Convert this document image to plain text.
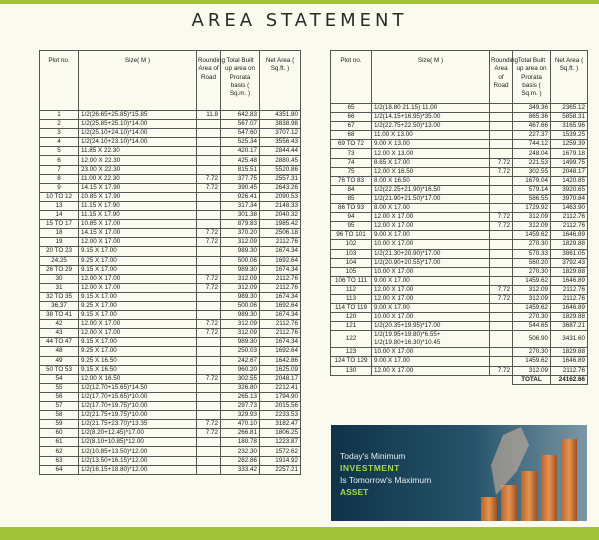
AREA STATEMENT
Plot no.	Size( M )	Rounding Area of Road	Total Built up area on Prorata basis ( Sq.m. )	Net Area ( Sq.ft. )
1	1/2(26.65+25.85)*15.85	11.8	642.83	4351.80
2	1/2(25.85+25.10)*14.00		567.07	3838.98
3	1/2(25.10+24.10)*14.00		547.60	3707.12
4	1/2(24.10+23.10)*14.00		525.34	3556.43
5	11.85 X 22.30		420.17	2844.44
6	12.00 X 22.30		425.48	2880.45
7	23.00 X 22.30		815.51	5520.86
8	11.00 X 22.30	7.72	377.75	2557.31
9	14.15 X 17.90	7.72	390.45	2643.26
10 TO 12	10.85 X 17.90		926.41	2090.53
13	11.15 X 17.90		317.34	2148.33
14	11.15 X 17.90		301.38	2040.32
15 TO 17	10.85 X 17.00		879.83	1985.42
18	14.15 X 17.00	7.72	370.20	2506.18
19	12.00 X 17.00	7.72	312.09	2112.76
20 TO 23	9.15 X 17.00		989.30	1674.34
24,25	9.25 X 17.00		500.06	1692.64
26 TO 29	9.15 X 17.00		989.30	1674.34
30	12.00 X 17.00	7.72	312.09	2112.76
31	12.00 X 17.00	7.72	312.09	2112.76
32 TO 35	9.15 X 17.00		989.30	1674.34
36,37	9.25 X 17.00		500.06	1692.64
38 TO 41	9.15 X 17.00		989.30	1674.34
42	12.00 X 17.00	7.72	312.09	2112.76
43	12.00 X 17.00	7.72	312.09	2112.76
44 TO 47	9.15 X 17.00		989.30	1674.34
48	9.25 X 17.00		250.03	1692.64
49	9.25 X 16.50		242.67	1642.86
50 TO 53	9.15 X 16.50		960.20	1625.09
54	12.00 X 16.50	7.72	302.55	2048.17
55	1/2(12.70+15.65)*14.50		326.80	2212.41
56	1/2(17.70+15.65)*10.00		265.13	1794.90
57	1/2(17.70+19.75)*10.00		297.73	2015.56
58	1/2(21.75+19.75)*10.00		329.93	2233.53
59	1/2(21.75+23.70)*13.35	7.72	470.10	3182.47
60	1/2(8.20+12.45)*17.00	7.72	266.81	1806.25
61	1/2(8.10+10.85)*12.00		180.78	1223.87
62	1/2(10.85+13.50)*12.00		232.30	1572.62
63	1/2(13.50+16.15)*12.00		282.86	1914.92
64	1/2(16.15+18.80)*12.00		333.42	2257.21
Plot no.	Size( M )	Rounding Area of Road	Total Built up area on Prorata basis ( Sq.m. )	Net Area ( Sq.ft. )
65	1/2(18.80 21.15) 11.00		349.36	2365.12
66	1/2(14.15+16.95)*35.00		865.36	5858.31
67	1/2(22.75+22.50)*13.00		467.66	3165.96
68	11.00 X 13.00		227.37	1539.25
69 TO 72	9.00 X 13.00		744.12	1259.39
73	12.00 X 13.00		248.04	1679.18
74	8.65 X 17.00	7.72	221.53	1499.75
75	12.00 X 16.50	7.72	302.55	2048.17
76 TO 83	8.00 X 16.50		1679.04	1420.85
84	1/2(22.25+21.90)*16.50		579.14	3920.65
85	1/2(21.90+21.50)*17.00		586.55	3970.84
86 TO 93	8.00 X 17.00		1729.92	1463.90
94	12.00 X 17.00	7.72	312.09	2112.76
95	12.00 X 17.00	7.72	312.09	2112.76
96 TO 101	9.00 X 17.00		1459.62	1646.89
102	10.00 X 17.00		270.30	1829.88
103	1/2(21.30+20.90)*17.00		570.33	3861.05
104	1/2(20.90+20.55)*17.00		560.20	3792.43
105	10.00 X 17.00		270.30	1829.88
106 TO 111	9.00 X 17.00		1459.62	1646.89
112	12.00 X 17.00	7.72	312.09	2112.76
113	12.00 X 17.00	7.72	312.09	2112.76
114 TO 119	9.00 X 17.00		1459.62	1646.89
120	10.00 X 17.00		270.30	1829.88
121	1/2(20.35+19.95)*17.00		544.65	3687.21
122	1/2(19.95+19.80)*6.55+ 1/2(19.80+16.30)*10.45		506.90	3431.60
123	10.00 X 17.00		270.30	1829.88
124 TO 129	9.00 X 17.00		1459.62	1646.89
130	12.00 X 17.00	7.72	312.09	2112.76
			TOTAL	24162.66
Today's Minimum
INVESTMENT
Is Tomorrow's Maximum
ASSET
